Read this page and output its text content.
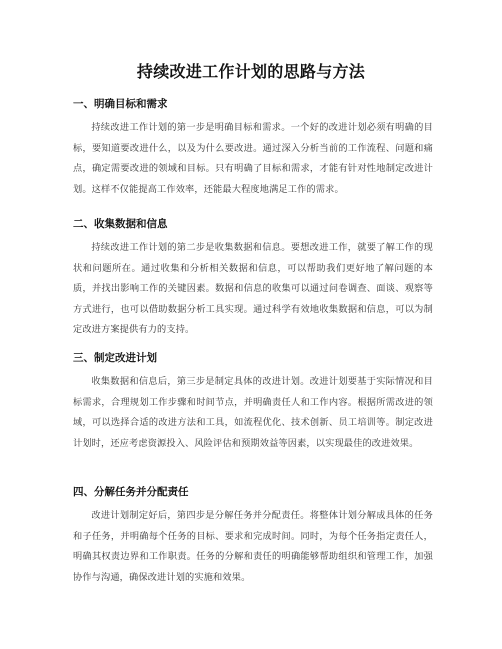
持续改进工作计划的思路与方法
一、明确目标和需求

持续改进工作计划的第一步是明确目标和需求。一个好的改进计划必须有明确的目标，要知道要改进什么，以及为什么要改进。通过深入分析当前的工作流程、问题和痛点，确定需要改进的领域和目标。只有明确了目标和需求，才能有针对性地制定改进计划。这样不仅能提高工作效率，还能最大程度地满足工作的需求。

二、收集数据和信息

持续改进工作计划的第二步是收集数据和信息。要想改进工作，就要了解工作的现状和问题所在。通过收集和分析相关数据和信息，可以帮助我们更好地了解问题的本质，并找出影响工作的关键因素。数据和信息的收集可以通过问卷调查、面谈、观察等方式进行，也可以借助数据分析工具实现。通过科学有效地收集数据和信息，可以为制定改进方案提供有力的支持。

三、制定改进计划

收集数据和信息后，第三步是制定具体的改进计划。改进计划要基于实际情况和目标需求，合理规划工作步骤和时间节点，并明确责任人和工作内容。根据所需改进的领域，可以选择合适的改进方法和工具，如流程优化、技术创新、员工培训等。制定改进计划时，还应考虑资源投入、风险评估和预期效益等因素，以实现最佳的改进效果。

四、分解任务并分配责任

改进计划制定好后，第四步是分解任务并分配责任。将整体计划分解成具体的任务和子任务，并明确每个任务的目标、要求和完成时间。同时，为每个任务指定责任人，明确其权责边界和工作职责。任务的分解和责任的明确能够帮助组织和管理工作，加强协作与沟通，确保改进计划的实施和效果。
